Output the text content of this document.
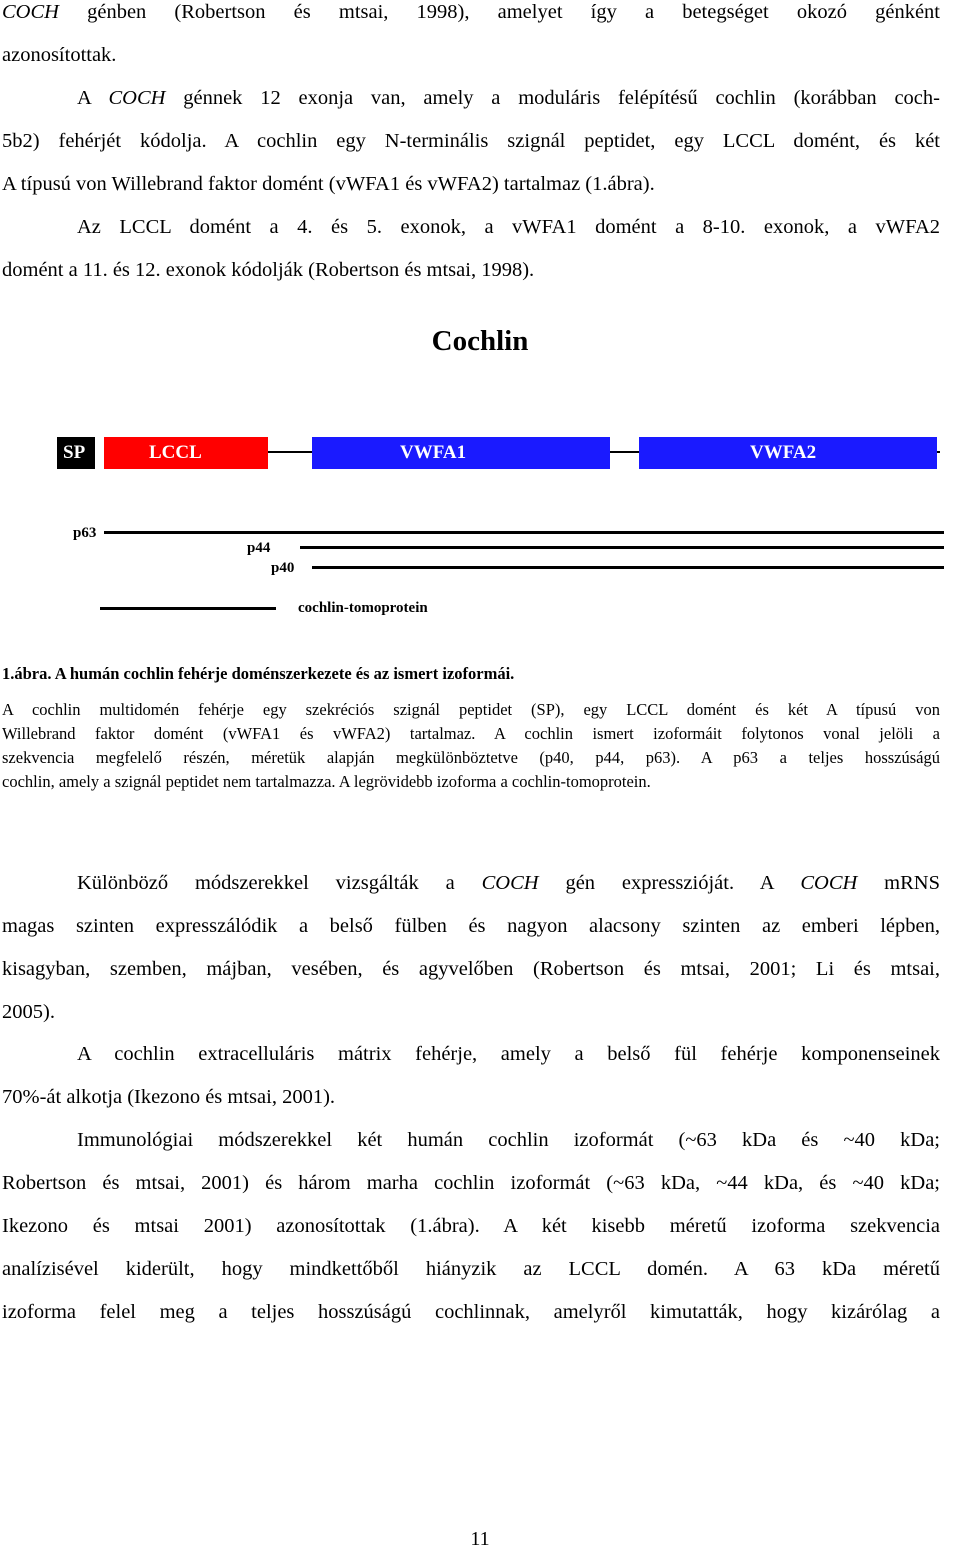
COCH génben (Robertson és mtsai, 1998), amelyet így a betegséget okozó génként
azonosítottak.
A COCH génnek 12 exonja van, amely a moduláris felépítésű cochlin (korábban coch-
5b2) fehérjét kódolja. A cochlin egy N-terminális szignál peptidet, egy LCCL domént, és két
A típusú von Willebrand faktor domént (vWFA1 és vWFA2) tartalmaz (1.ábra).
Az LCCL domént a 4. és 5. exonok, a vWFA1 domént a 8-10. exonok, a vWFA2
domént a 11. és 12. exonok kódolják (Robertson és mtsai, 1998).
Cochlin
SP	LCCL	VWFA1	VWFA2
p63
p44
p40
cochlin-tomoprotein
1.ábra. A humán cochlin fehérje doménszerkezete és az ismert izoformái.
A cochlin multidomén fehérje egy szekréciós szignál peptidet (SP), egy LCCL domént és két A típusú von
Willebrand faktor domént (vWFA1 és vWFA2) tartalmaz. A cochlin ismert izoformáit folytonos vonal jelöli a
szekvencia megfelelő részén, méretük alapján megkülönböztetve (p40, p44, p63). A p63 a teljes hosszúságú
cochlin, amely a szignál peptidet nem tartalmazza. A legrövidebb izoforma a cochlin-tomoprotein.
Különböző módszerekkel vizsgálták a COCH gén expresszióját. A COCH mRNS
magas szinten expresszálódik a belső fülben és nagyon alacsony szinten az emberi lépben,
kisagyban, szemben, májban, vesében, és agyvelőben (Robertson és mtsai, 2001; Li és mtsai,
2005).
A cochlin extracelluláris mátrix fehérje, amely a belső fül fehérje komponenseinek
70%-át alkotja (Ikezono és mtsai, 2001).
Immunológiai módszerekkel két humán cochlin izoformát (~63 kDa és ~40 kDa;
Robertson és mtsai, 2001) és három marha cochlin izoformát (~63 kDa, ~44 kDa, és ~40 kDa;
Ikezono és mtsai 2001) azonosítottak (1.ábra). A két kisebb méretű izoforma szekvencia
analízisével kiderült, hogy mindkettőből hiányzik az LCCL domén. A 63 kDa méretű
izoforma felel meg a teljes hosszúságú cochlinnak, amelyről kimutatták, hogy kizárólag a
11
